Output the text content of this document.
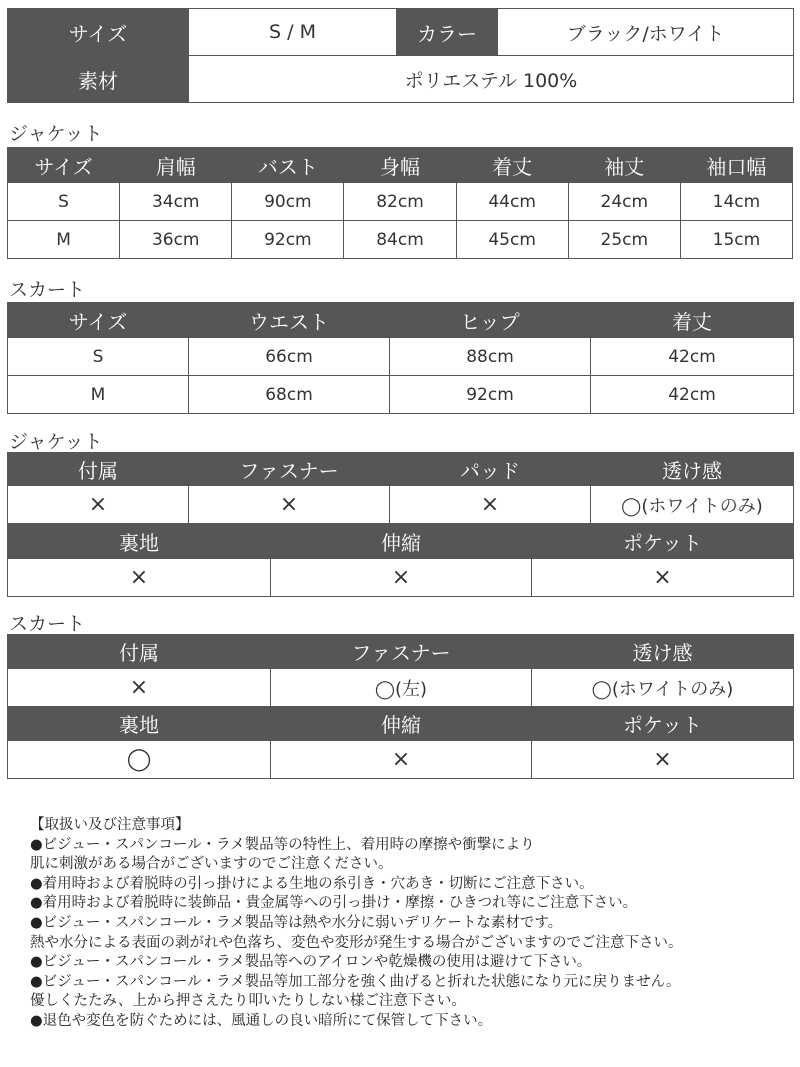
サイズ	S / M	カラー	ブラック/ホワイト
素材	ポリエステル 100%		
ジャケット
サイズ	肩幅	バスト	身幅	着丈	袖丈	袖口幅
S	34cm	90cm	82cm	44cm	24cm	14cm
M	36cm	92cm	84cm	45cm	25cm	15cm
スカート
サイズ	ウエスト	ヒップ	着丈
S	66cm	88cm	42cm
M	68cm	92cm	42cm
ジャケット
付属	ファスナー	パッド	透け感
×	×	×	◯(ホワイトのみ)
裏地	伸縮	ポケット
×	×	×
スカート
付属	ファスナー	透け感
×	◯(左)	◯(ホワイトのみ)
裏地	伸縮	ポケット
◯	×	×
【取扱い及び注意事項】
●ビジュー・スパンコール・ラメ製品等の特性上、着用時の摩擦や衝撃により
肌に刺激がある場合がございますのでご注意ください。
●着用時および着脱時の引っ掛けによる生地の糸引き・穴あき・切断にご注意下さい。
●着用時および着脱時に装飾品・貴金属等への引っ掛け・摩擦・ひきつれ等にご注意下さい。
●ビジュー・スパンコール・ラメ製品等は熱や水分に弱いデリケートな素材です。
熱や水分による表面の剥がれや色落ち、変色や変形が発生する場合がございますのでご注意下さい。
●ビジュー・スパンコール・ラメ製品等へのアイロンや乾燥機の使用は避けて下さい。
●ビジュー・スパンコール・ラメ製品等加工部分を強く曲げると折れた状態になり元に戻りません。
優しくたたみ、上から押さえたり叩いたりしない様ご注意下さい。
●退色や変色を防ぐためには、風通しの良い暗所にて保管して下さい。
